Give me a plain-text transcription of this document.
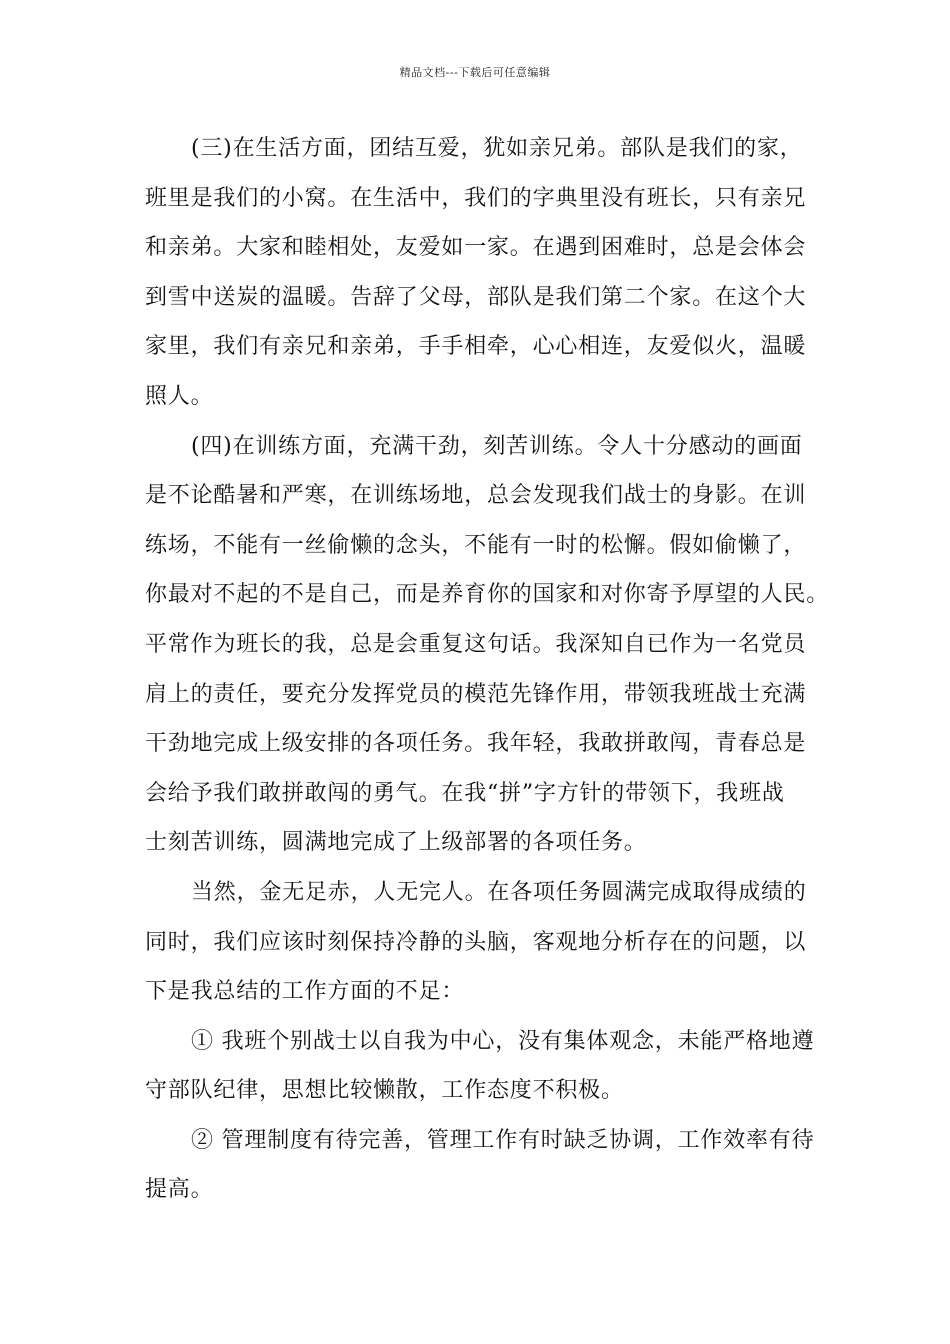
精品文档---下载后可任意编辑
(三)在生活方面，团结互爱，犹如亲兄弟。部队是我们的家，
班里是我们的小窝。在生活中，我们的字典里没有班长，只有亲兄
和亲弟。大家和睦相处，友爱如一家。在遇到困难时，总是会体会
到雪中送炭的温暖。告辞了父母，部队是我们第二个家。在这个大
家里，我们有亲兄和亲弟，手手相牵，心心相连，友爱似火，温暖
照人。
(四)在训练方面，充满干劲，刻苦训练。令人十分感动的画面
是不论酷暑和严寒，在训练场地，总会发现我们战士的身影。在训
练场，不能有一丝偷懒的念头，不能有一时的松懈。假如偷懒了，
你最对不起的不是自己，而是养育你的国家和对你寄予厚望的人民。
平常作为班长的我，总是会重复这句话。我深知自已作为一名党员
肩上的责任，要充分发挥党员的模范先锋作用，带领我班战士充满
干劲地完成上级安排的各项任务。我年轻，我敢拼敢闯，青春总是
会给予我们敢拼敢闯的勇气。在我“拼”字方针的带领下，我班战
士刻苦训练，圆满地完成了上级部署的各项任务。
当然，金无足赤，人无完人。在各项任务圆满完成取得成绩的
同时，我们应该时刻保持冷静的头脑，客观地分析存在的问题，以
下是我总结的工作方面的不足：
① 我班个别战士以自我为中心，没有集体观念，未能严格地遵
守部队纪律，思想比较懒散，工作态度不积极。
② 管理制度有待完善，管理工作有时缺乏协调，工作效率有待
提高。
